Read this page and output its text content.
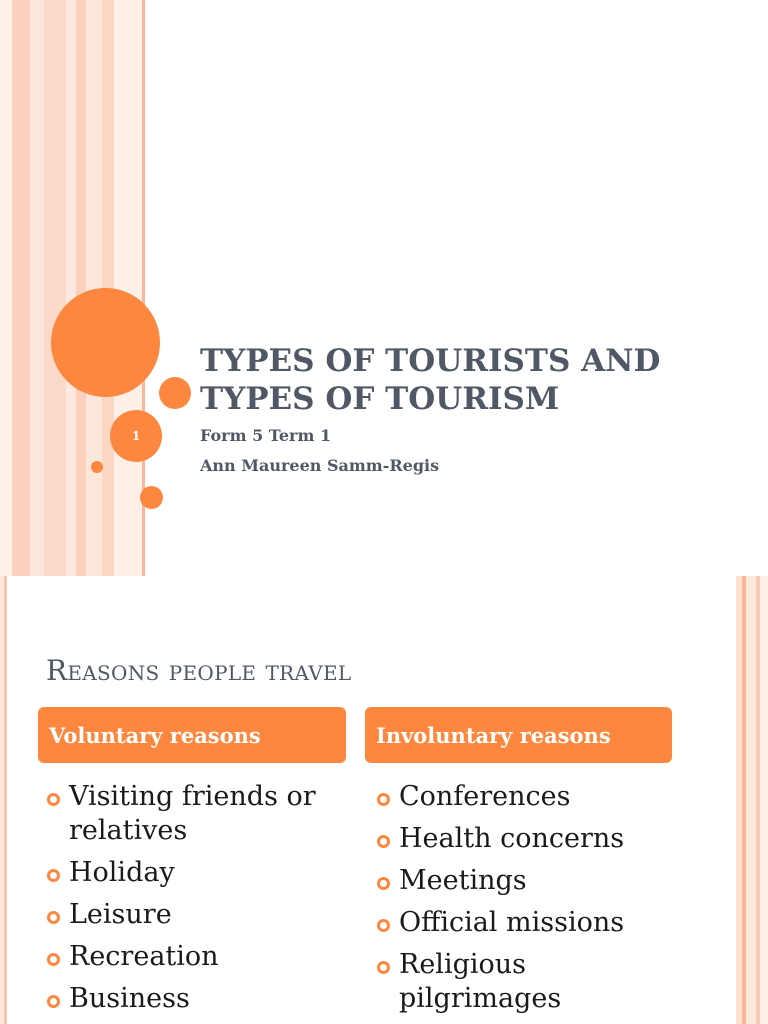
1
TYPES OF TOURISTS AND
TYPES OF TOURISM

Form 5 Term 1

Ann Maureen Samm-Regis

Reasons people travel
Voluntary reasons	Involuntary reasons
Visiting friends or relatives
Holiday
Leisure
Recreation
Business
Conferences
Health concerns
Meetings
Official missions
Religious pilgrimages
